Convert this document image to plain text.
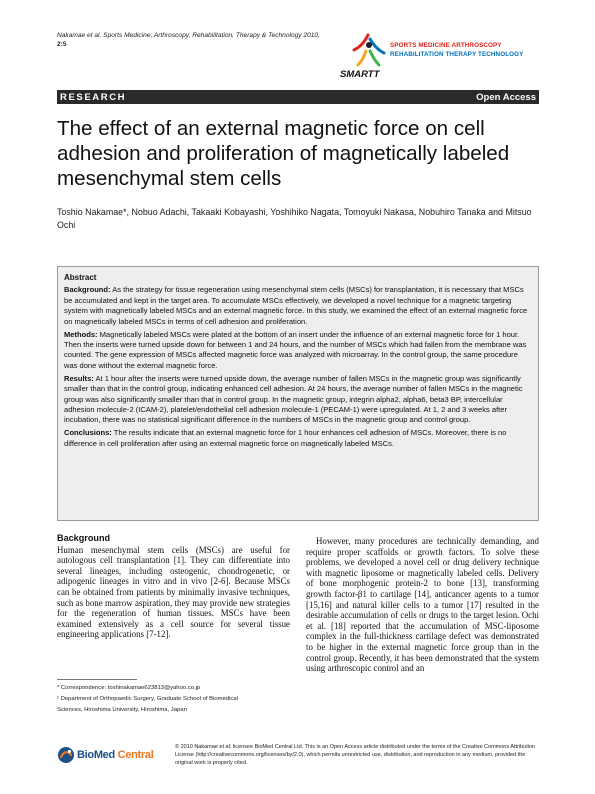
Nakamae et al. Sports Medicine, Arthroscopy, Rehabilitation, Therapy & Technology 2010,
2:5	SPORTS MEDICINE ARTHROSCOPY
REHABILITATION THERAPY TECHNOLOGY
SMARTT
RESEARCH	Open Access
The effect of an external magnetic force on cell adhesion and proliferation of magnetically labeled mesenchymal stem cells
Toshio Nakamae*, Nobuo Adachi, Takaaki Kobayashi, Yoshihiko Nagata, Tomoyuki Nakasa, Nobuhiro Tanaka and Mitsuo Ochi
Abstract

Background: As the strategy for tissue regeneration using mesenchymal stem cells (MSCs) for transplantation, it is necessary that MSCs be accumulated and kept in the target area. To accumulate MSCs effectively, we developed a novel technique for a magnetic targeting system with magnetically labeled MSCs and an external magnetic force. In this study, we examined the effect of an external magnetic force on magnetically labeled MSCs in terms of cell adhesion and proliferation.

Methods: Magnetically labeled MSCs were plated at the bottom of an insert under the influence of an external magnetic force for 1 hour. Then the inserts were turned upside down for between 1 and 24 hours, and the number of MSCs which had fallen from the membrane was counted. The gene expression of MSCs affected magnetic force was analyzed with microarray. In the control group, the same procedure was done without the external magnetic force.

Results: At 1 hour after the inserts were turned upside down, the average number of fallen MSCs in the magnetic group was significantly smaller than that in the control group, indicating enhanced cell adhesion. At 24 hours, the average number of fallen MSCs in the magnetic group was also significantly smaller than that in control group. In the magnetic group, integrin alpha2, alpha6, beta3 BP, intercellular adhesion molecule-2 (ICAM-2), platelet/endothelial cell adhesion molecule-1 (PECAM-1) were upregulated. At 1, 2 and 3 weeks after incubation, there was no statistical significant difference in the numbers of MSCs in the magnetic group and control group.

Conclusions: The results indicate that an external magnetic force for 1 hour enhances cell adhesion of MSCs. Moreover, there is no difference in cell proliferation after using an external magnetic force on magnetically labeled MSCs.

Background

Human mesenchymal stem cells (MSCs) are useful for autologous cell transplantation [1]. They can differentiate into several lineages, including osteogenic, chondrogenetic, or adipogenic lineages in vitro and in vivo [2-6]. Because MSCs can be obtained from patients by minimally invasive techniques, such as bone marrow aspiration, they may provide new strategies for the regeneration of human tissues. MSCs have been examined extensively as a cell source for several tissue engineering applications [7-12].

However, many procedures are technically demanding, and require proper scaffolds or growth factors. To solve these problems, we developed a novel cell or drug delivery technique with magnetic liposome or magnetically labeled cells. Delivery of bone morphogenic protein-2 to bone [13], transforming growth factor-β1 to cartilage [14], anticancer agents to a tumor [15,16] and natural killer cells to a tumor [17] resulted in the desirable accumulation of cells or drugs to the target lesion. Ochi et al. [18] reported that the accumulation of MSC-liposome complex in the full-thickness cartilage defect was demonstrated to be higher in the external magnetic force group than in the control group. Recently, it has been demonstrated that the system using arthroscopic control and an

* Correspondence: toshinakamae623813@yahoo.co.jp
¹ Department of Orthopaedic Surgery, Graduate School of Biomedical
Sciences, Hiroshima University, Hiroshima, Japan
BioMed Central
© 2010 Nakamae et al; licensee BioMed Central Ltd. This is an Open Access article distributed under the terms of the Creative Commons Attribution License (http://creativecommons.org/licenses/by/2.0), which permits unrestricted use, distribution, and reproduction in any medium, provided the original work is properly cited.
